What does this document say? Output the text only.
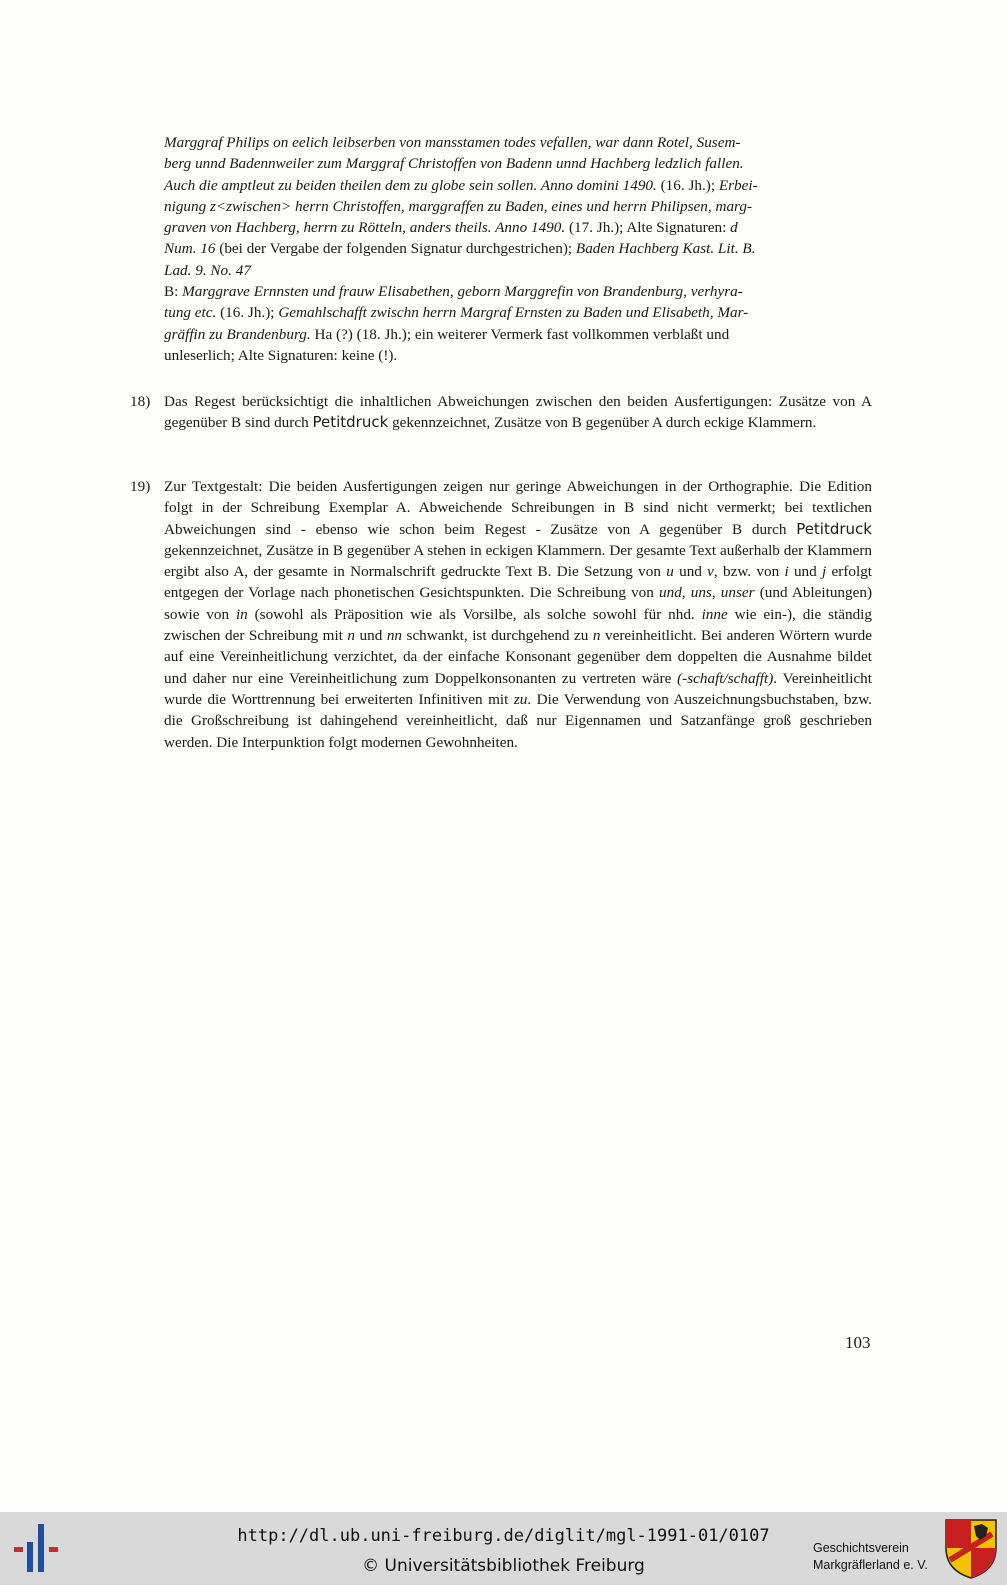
Marggraf Philips on eelich leibserben von mansstamen todes vefallen, war dann Rotel, Susem-
berg unnd Badennweiler zum Marggraf Christoffen von Badenn unnd Hachberg ledzlich fallen.
Auch die amptleut zu beiden theilen dem zu globe sein sollen. Anno domini 1490. (16. Jh.); Erbei-
nigung z<zwischen> herrn Christoffen, marggraffen zu Baden, eines und herrn Philipsen, marg-
graven von Hachberg, herrn zu Rötteln, anders theils. Anno 1490. (17. Jh.); Alte Signaturen: d
Num. 16 (bei der Vergabe der folgenden Signatur durchgestrichen); Baden Hachberg Kast. Lit. B.
Lad. 9. No. 47

B: Marggrave Ernnsten und frauw Elisabethen, geborn Marggrefin von Brandenburg, verhyra-
tung etc. (16. Jh.); Gemahlschafft zwischn herrn Margraf Ernsten zu Baden und Elisabeth, Mar-
gräffin zu Brandenburg. Ha (?) (18. Jh.); ein weiterer Vermerk fast vollkommen verblaßt und
unleserlich; Alte Signaturen: keine (!).

18) Das Regest berücksichtigt die inhaltlichen Abweichungen zwischen den beiden Ausfertigungen: Zusätze von A gegenüber B sind durch Petitdruck gekennzeichnet, Zusätze von B gegenüber A durch eckige Klammern.
19) Zur Textgestalt: Die beiden Ausfertigungen zeigen nur geringe Abweichungen in der Orthographie. Die Edition folgt in der Schreibung Exemplar A. Abweichende Schreibungen in B sind nicht vermerkt; bei textlichen Abweichungen sind - ebenso wie schon beim Regest - Zusätze von A gegenüber B durch Petitdruck gekennzeichnet, Zusätze in B gegenüber A stehen in eckigen Klammern. Der gesamte Text außerhalb der Klammern ergibt also A, der gesamte in Normalschrift gedruckte Text B. Die Setzung von u und v, bzw. von i und j erfolgt entgegen der Vorlage nach phonetischen Gesichtspunkten. Die Schreibung von und, uns, unser (und Ableitungen) sowie von in (sowohl als Präposition wie als Vorsilbe, als solche sowohl für nhd. inne wie ein-), die ständig zwischen der Schreibung mit n und nn schwankt, ist durchgehend zu n vereinheitlicht. Bei anderen Wörtern wurde auf eine Vereinheitlichung verzichtet, da der einfache Konsonant gegenüber dem doppelten die Ausnahme bildet und daher nur eine Vereinheitlichung zum Doppelkonsonanten zu vertreten wäre (-schaft/schafft). Vereinheitlicht wurde die Worttrennung bei erweiterten Infinitiven mit zu. Die Verwendung von Auszeichnungsbuchstaben, bzw. die Großschreibung ist dahingehend vereinheitlicht, daß nur Eigennamen und Satzanfänge groß geschrieben werden. Die Interpunktion folgt modernen Gewohnheiten.
103
http://dl.ub.uni-freiburg.de/diglit/mgl-1991-01/0107
© Universitätsbibliothek Freiburg
Geschichtsverein
Markgräflerland e. V.
